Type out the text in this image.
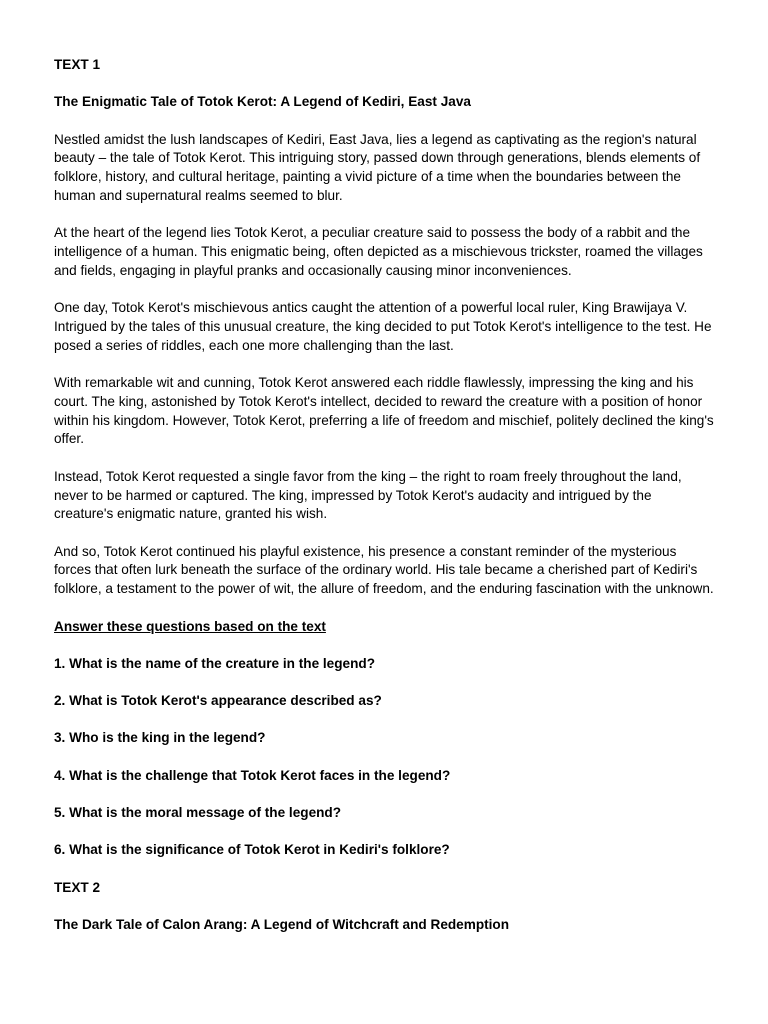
TEXT 1

The Enigmatic Tale of Totok Kerot: A Legend of Kediri, East Java

Nestled amidst the lush landscapes of Kediri, East Java, lies a legend as captivating as the region's natural beauty – the tale of Totok Kerot. This intriguing story, passed down through generations, blends elements of folklore, history, and cultural heritage, painting a vivid picture of a time when the boundaries between the human and supernatural realms seemed to blur.

At the heart of the legend lies Totok Kerot, a peculiar creature said to possess the body of a rabbit and the intelligence of a human. This enigmatic being, often depicted as a mischievous trickster, roamed the villages and fields, engaging in playful pranks and occasionally causing minor inconveniences.

One day, Totok Kerot's mischievous antics caught the attention of a powerful local ruler, King Brawijaya V. Intrigued by the tales of this unusual creature, the king decided to put Totok Kerot's intelligence to the test. He posed a series of riddles, each one more challenging than the last.

With remarkable wit and cunning, Totok Kerot answered each riddle flawlessly, impressing the king and his court. The king, astonished by Totok Kerot's intellect, decided to reward the creature with a position of honor within his kingdom. However, Totok Kerot, preferring a life of freedom and mischief, politely declined the king's offer.

Instead, Totok Kerot requested a single favor from the king – the right to roam freely throughout the land, never to be harmed or captured. The king, impressed by Totok Kerot's audacity and intrigued by the creature's enigmatic nature, granted his wish.

And so, Totok Kerot continued his playful existence, his presence a constant reminder of the mysterious forces that often lurk beneath the surface of the ordinary world. His tale became a cherished part of Kediri's folklore, a testament to the power of wit, the allure of freedom, and the enduring fascination with the unknown.

Answer these questions based on the text

1. What is the name of the creature in the legend?

2. What is Totok Kerot's appearance described as?

3. Who is the king in the legend?

4. What is the challenge that Totok Kerot faces in the legend?

5. What is the moral message of the legend?

6. What is the significance of Totok Kerot in Kediri's folklore?

TEXT 2

The Dark Tale of Calon Arang: A Legend of Witchcraft and Redemption
